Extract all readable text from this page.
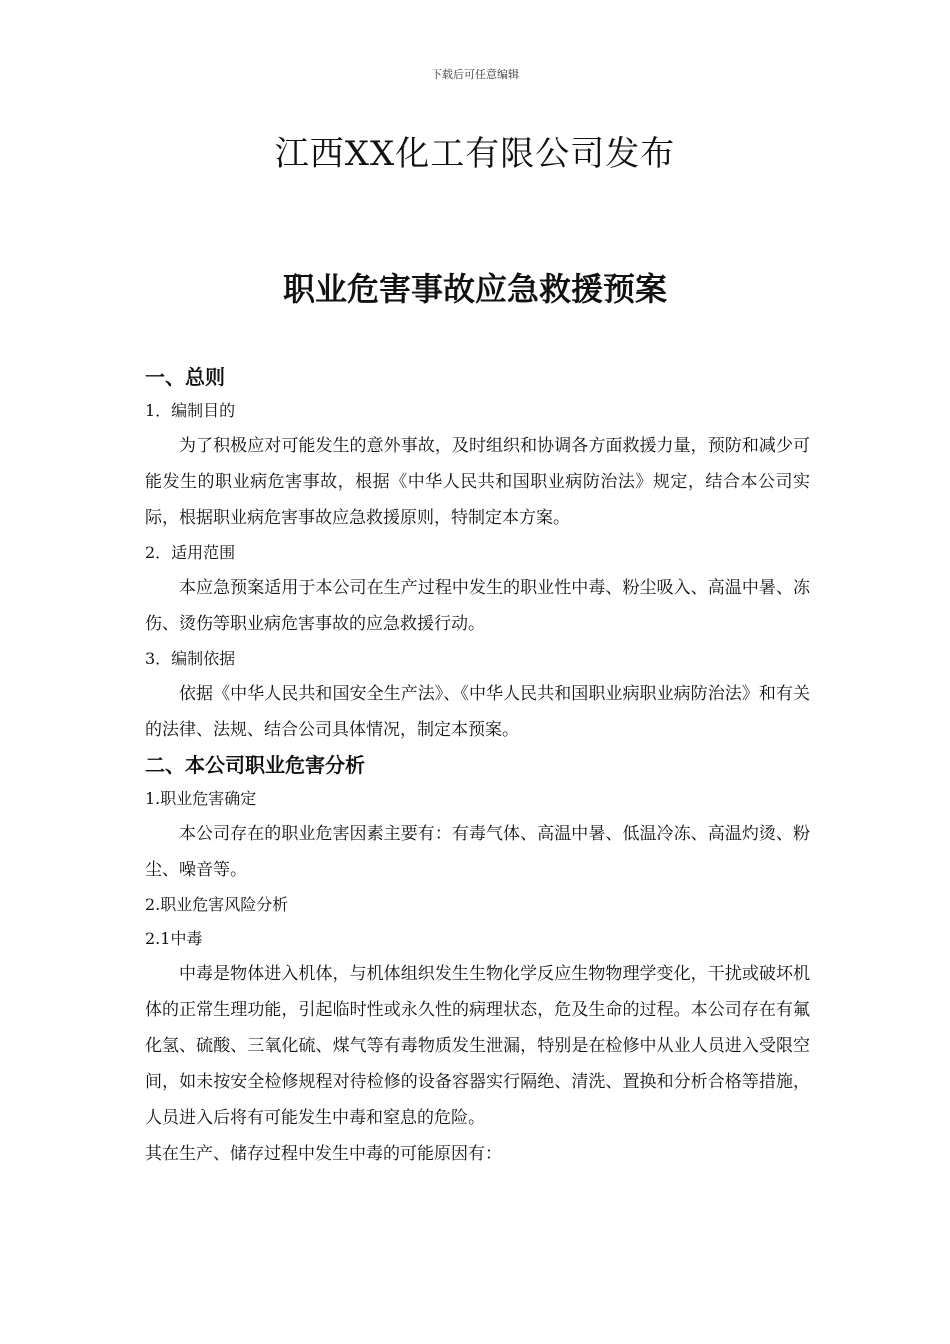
下载后可任意编辑
江西XX化工有限公司发布
职业危害事故应急救援预案
一、总则
1．编制目的

为了积极应对可能发生的意外事故，及时组织和协调各方面救援力量，预防和减少可能发生的职业病危害事故，根据《中华人民共和国职业病防治法》规定，结合本公司实际，根据职业病危害事故应急救援原则，特制定本方案。

2．适用范围

本应急预案适用于本公司在生产过程中发生的职业性中毒、粉尘吸入、高温中暑、冻伤、烫伤等职业病危害事故的应急救援行动。

3．编制依据

依据《中华人民共和国安全生产法》、《中华人民共和国职业病职业病防治法》和有关的法律、法规、结合公司具体情况，制定本预案。

二、本公司职业危害分析
1.职业危害确定

本公司存在的职业危害因素主要有：有毒气体、高温中暑、低温冷冻、高温灼烫、粉尘、噪音等。

2.职业危害风险分析
2.1中毒

中毒是物体进入机体，与机体组织发生生物化学反应生物物理学变化，干扰或破坏机体的正常生理功能，引起临时性或永久性的病理状态，危及生命的过程。本公司存在有氟化氢、硫酸、三氧化硫、煤气等有毒物质发生泄漏，特别是在检修中从业人员进入受限空间，如未按安全检修规程对待检修的设备容器实行隔绝、清洗、置换和分析合格等措施，人员进入后将有可能发生中毒和窒息的危险。

其在生产、储存过程中发生中毒的可能原因有：
